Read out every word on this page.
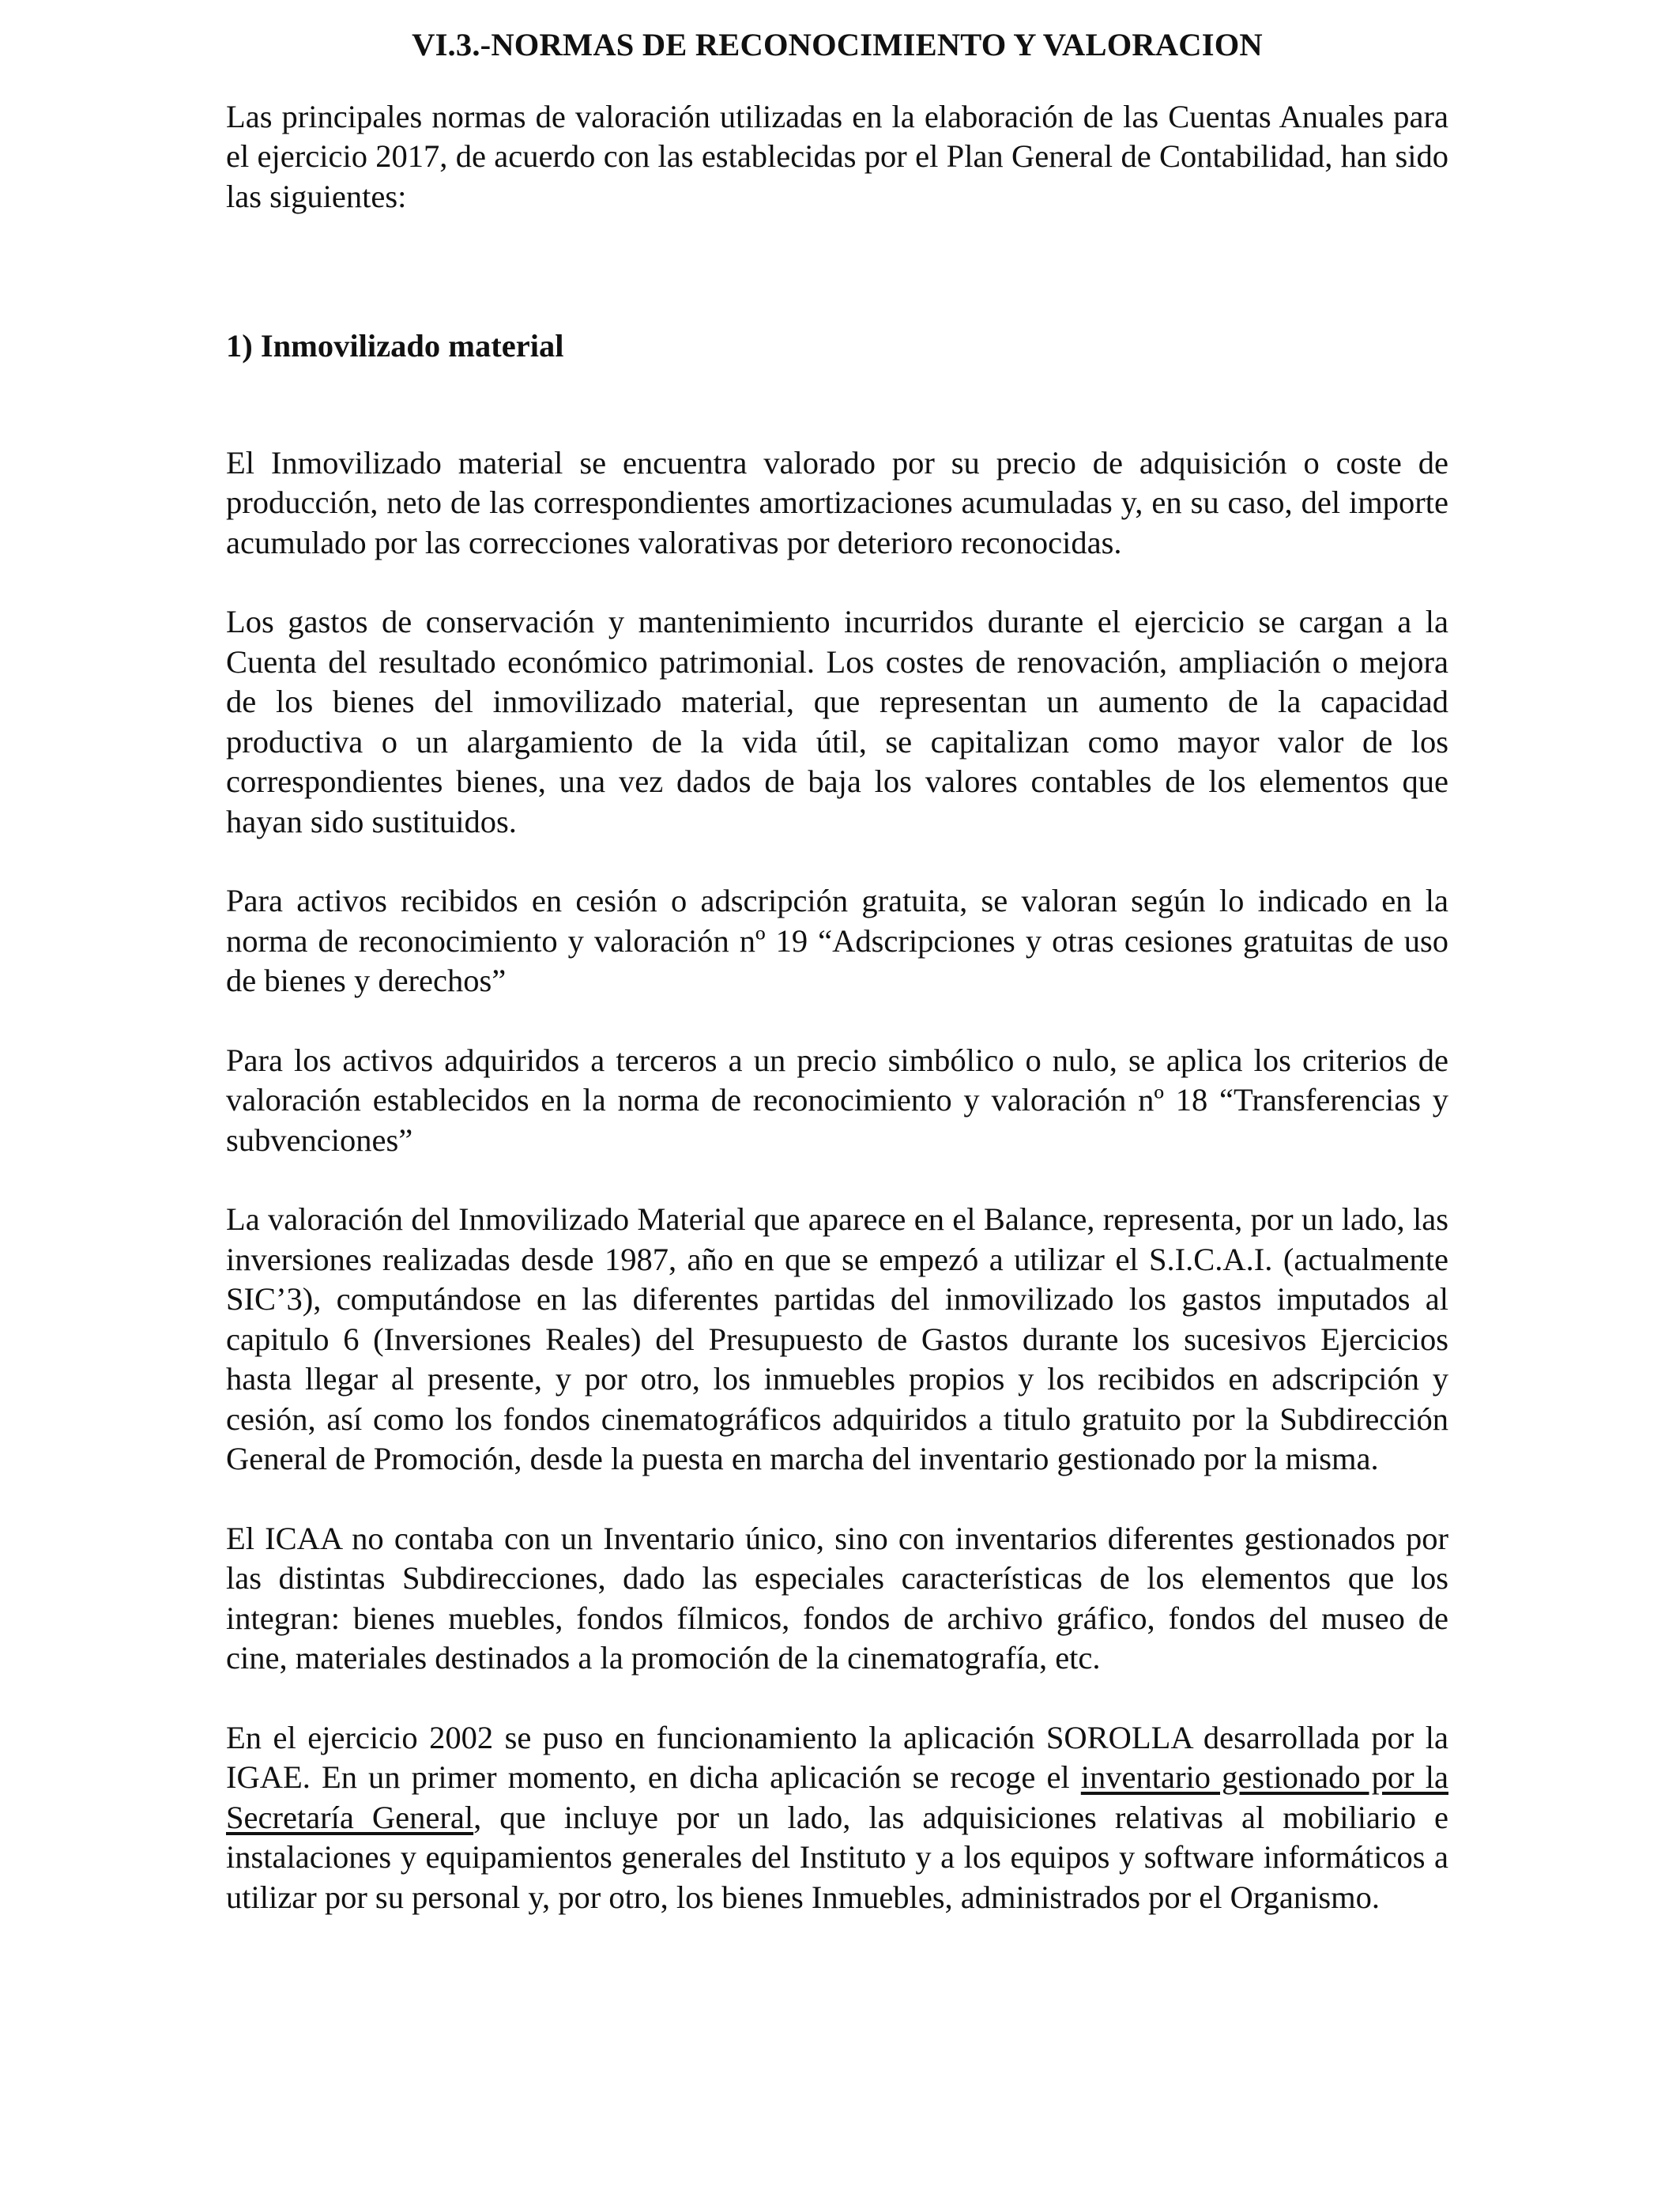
VI.3.-NORMAS DE RECONOCIMIENTO Y VALORACION

Las principales normas de valoración utilizadas en la elaboración de las Cuentas Anuales para el ejercicio 2017, de acuerdo con las establecidas por el Plan General de Contabilidad, han sido las siguientes:

1) Inmovilizado material

El Inmovilizado material se encuentra valorado por su precio de adquisición o coste de producción, neto de las correspondientes amortizaciones acumuladas y, en su caso, del importe acumulado por las correcciones valorativas por deterioro reconocidas.

Los gastos de conservación y mantenimiento incurridos durante el ejercicio se cargan a la Cuenta del resultado económico patrimonial. Los costes de renovación, ampliación o mejora de los bienes del inmovilizado material, que representan un aumento de la capacidad productiva o un alargamiento de la vida útil, se capitalizan como mayor valor de los correspondientes bienes, una vez dados de baja los valores contables de los elementos que hayan sido sustituidos.

Para activos recibidos en cesión o adscripción gratuita, se valoran según lo indicado en la norma de reconocimiento y valoración nº 19 “Adscripciones y otras cesiones gratuitas de uso de bienes y derechos”

Para los activos adquiridos a terceros a un precio simbólico o nulo, se aplica los criterios de valoración establecidos en la norma de reconocimiento y valoración nº 18 “Transferencias y subvenciones”

La valoración del Inmovilizado Material que aparece en el Balance, representa, por un lado, las inversiones realizadas desde 1987, año en que se empezó a utilizar el S.I.C.A.I. (actualmente SIC’3), computándose en las diferentes partidas del inmovilizado los gastos imputados al capitulo 6 (Inversiones Reales) del Presupuesto de Gastos durante los sucesivos Ejercicios hasta llegar al presente, y por otro, los inmuebles propios y los recibidos en adscripción y cesión, así como los fondos cinematográficos adquiridos a titulo gratuito por la Subdirección General de Promoción, desde la puesta en marcha del inventario gestionado por la misma.

El ICAA no contaba con un Inventario único, sino con inventarios diferentes gestionados por las distintas Subdirecciones, dado las especiales características de los elementos que los integran: bienes muebles, fondos fílmicos, fondos de archivo gráfico, fondos del museo de cine, materiales destinados a la promoción de la cinematografía, etc.

En el ejercicio 2002 se puso en funcionamiento la aplicación SOROLLA desarrollada por la IGAE. En un primer momento, en dicha aplicación se recoge el inventario gestionado por la Secretaría General, que incluye por un lado, las adquisiciones relativas al mobiliario e instalaciones y equipamientos generales del Instituto y a los equipos y software informáticos a utilizar por su personal y, por otro, los bienes Inmuebles, administrados por el Organismo.
